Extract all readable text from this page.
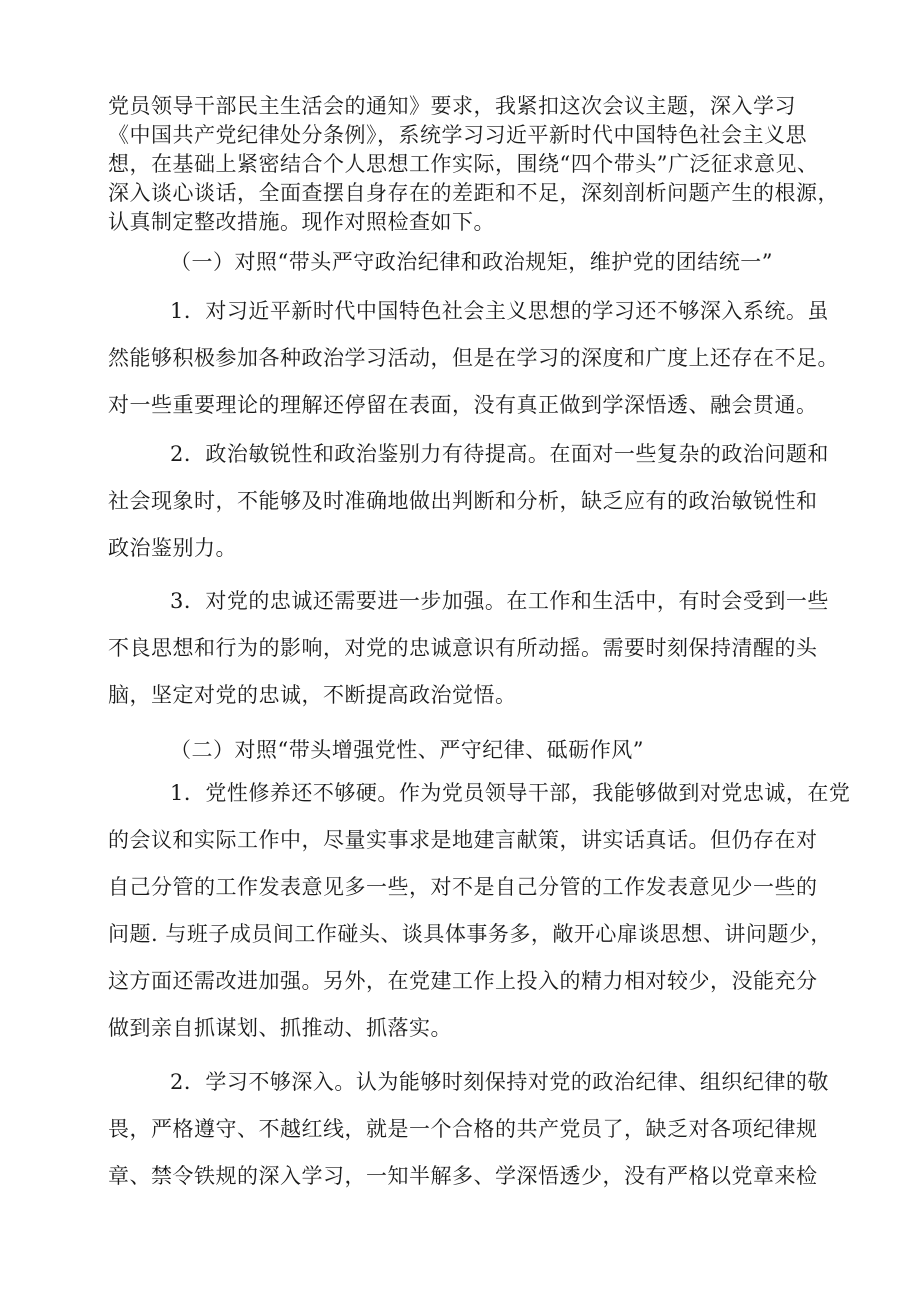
党员领导干部民主生活会的通知》要求，我紧扣这次会议主题，深入学习
《中国共产党纪律处分条例》，系统学习习近平新时代中国特色社会主义思
想，在基础上紧密结合个人思想工作实际，围绕“四个带头”广泛征求意见、
深入谈心谈话，全面查摆自身存在的差距和不足，深刻剖析问题产生的根源，
认真制定整改措施。现作对照检查如下。
（一）对照“带头严守政治纪律和政治规矩，维护党的团结统一”
1．对习近平新时代中国特色社会主义思想的学习还不够深入系统。虽
然能够积极参加各种政治学习活动，但是在学习的深度和广度上还存在不足。
对一些重要理论的理解还停留在表面，没有真正做到学深悟透、融会贯通。
2．政治敏锐性和政治鉴别力有待提高。在面对一些复杂的政治问题和
社会现象时，不能够及时准确地做出判断和分析，缺乏应有的政治敏锐性和
政治鉴别力。
3．对党的忠诚还需要进一步加强。在工作和生活中，有时会受到一些
不良思想和行为的影响，对党的忠诚意识有所动摇。需要时刻保持清醒的头
脑，坚定对党的忠诚，不断提高政治觉悟。
（二）对照“带头增强党性、严守纪律、砥砺作风”
1．党性修养还不够硬。作为党员领导干部，我能够做到对党忠诚，在党
的会议和实际工作中，尽量实事求是地建言献策，讲实话真话。但仍存在对
自己分管的工作发表意见多一些，对不是自己分管的工作发表意见少一些的
问题. 与班子成员间工作碰头、谈具体事务多，敞开心扉谈思想、讲问题少，
这方面还需改进加强。另外，在党建工作上投入的精力相对较少，没能充分
做到亲自抓谋划、抓推动、抓落实。
2．学习不够深入。认为能够时刻保持对党的政治纪律、组织纪律的敬
畏，严格遵守、不越红线，就是一个合格的共产党员了，缺乏对各项纪律规
章、禁令铁规的深入学习，一知半解多、学深悟透少，没有严格以党章来检
